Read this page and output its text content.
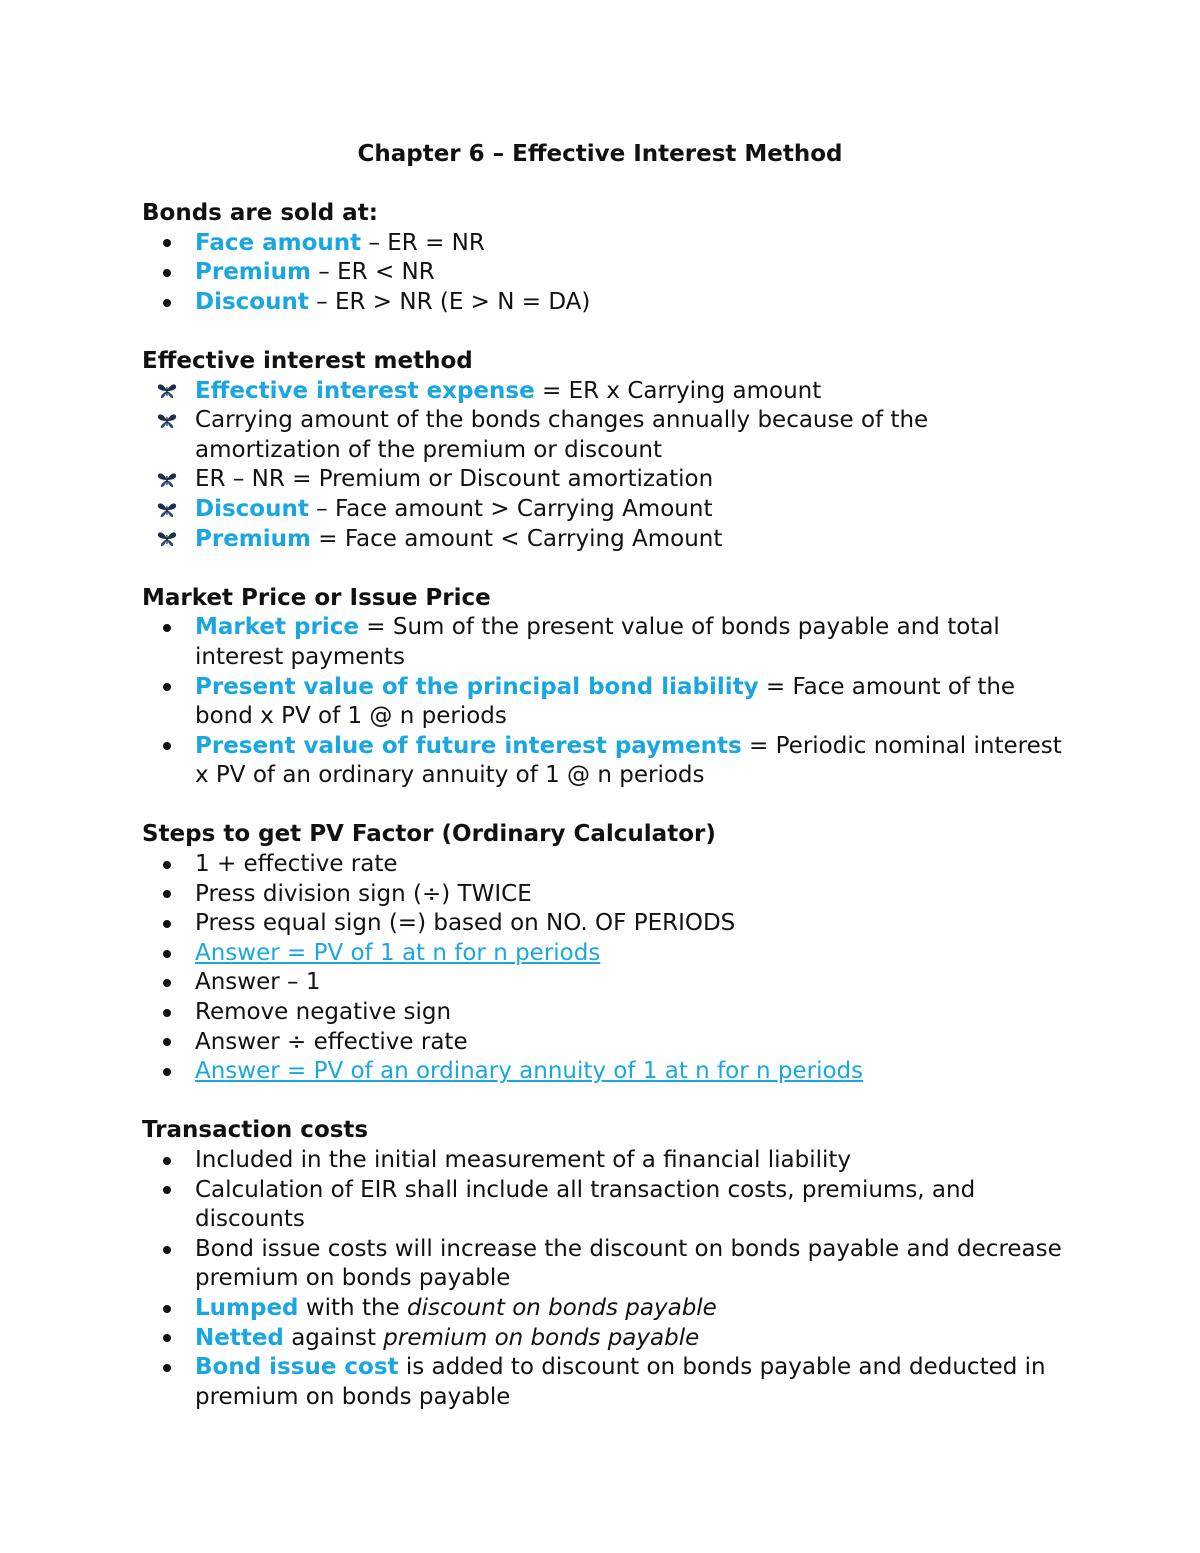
Chapter 6 – Effective Interest Method

Bonds are sold at:

Face amount – ER = NR
Premium – ER < NR
Discount – ER > NR (E > N = DA)

Effective interest method

Effective interest expense = ER x Carrying amount
Carrying amount of the bonds changes annually because of the amortization of the premium or discount
ER – NR = Premium or Discount amortization
Discount – Face amount > Carrying Amount
Premium = Face amount < Carrying Amount

Market Price or Issue Price

Market price = Sum of the present value of bonds payable and total interest payments
Present value of the principal bond liability = Face amount of the bond x PV of 1 @ n periods
Present value of future interest payments = Periodic nominal interest x PV of an ordinary annuity of 1 @ n periods

Steps to get PV Factor (Ordinary Calculator)

1 + effective rate
Press division sign (÷) TWICE
Press equal sign (=) based on NO. OF PERIODS
Answer = PV of 1 at n for n periods
Answer – 1
Remove negative sign
Answer ÷ effective rate
Answer = PV of an ordinary annuity of 1 at n for n periods

Transaction costs

Included in the initial measurement of a financial liability
Calculation of EIR shall include all transaction costs, premiums, and discounts
Bond issue costs will increase the discount on bonds payable and decrease premium on bonds payable
Lumped with the discount on bonds payable
Netted against premium on bonds payable
Bond issue cost is added to discount on bonds payable and deducted in premium on bonds payable
